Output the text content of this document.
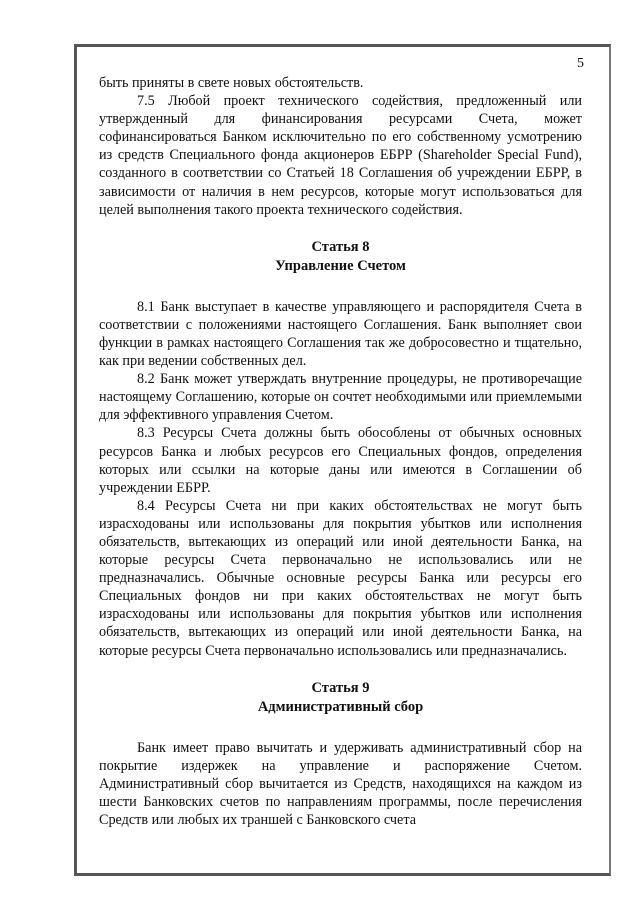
5

быть приняты в свете новых обстоятельств.

7.5 Любой проект технического содействия, предложенный или утвержденный для финансирования ресурсами Счета, может софинансироваться Банком исключительно по его собственному усмотрению из средств Специального фонда акционеров ЕБРР (Shareholder Special Fund), созданного в соответствии со Статьей 18 Соглашения об учреждении ЕБРР, в зависимости от наличия в нем ресурсов, которые могут использоваться для целей выполнения такого проекта технического содействия.

Статья 8
Управление Счетом

8.1 Банк выступает в качестве управляющего и распорядителя Счета в соответствии с положениями настоящего Соглашения. Банк выполняет свои функции в рамках настоящего Соглашения так же добросовестно и тщательно, как при ведении собственных дел.

8.2 Банк может утверждать внутренние процедуры, не противоречащие настоящему Соглашению, которые он сочтет необходимыми или приемлемыми для эффективного управления Счетом.

8.3 Ресурсы Счета должны быть обособлены от обычных основных ресурсов Банка и любых ресурсов его Специальных фондов, определения которых или ссылки на которые даны или имеются в Соглашении об учреждении ЕБРР.

8.4 Ресурсы Счета ни при каких обстоятельствах не могут быть израсходованы или использованы для покрытия убытков или исполнения обязательств, вытекающих из операций или иной деятельности Банка, на которые ресурсы Счета первоначально не использовались или не предназначались. Обычные основные ресурсы Банка или ресурсы его Специальных фондов ни при каких обстоятельствах не могут быть израсходованы или использованы для покрытия убытков или исполнения обязательств, вытекающих из операций или иной деятельности Банка, на которые ресурсы Счета первоначально использовались или предназначались.

Статья 9
Административный сбор

Банк имеет право вычитать и удерживать административный сбор на покрытие издержек на управление и распоряжение Счетом. Административный сбор вычитается из Средств, находящихся на каждом из шести Банковских счетов по направлениям программы, после перечисления Средств или любых их траншей с Банковского счета
